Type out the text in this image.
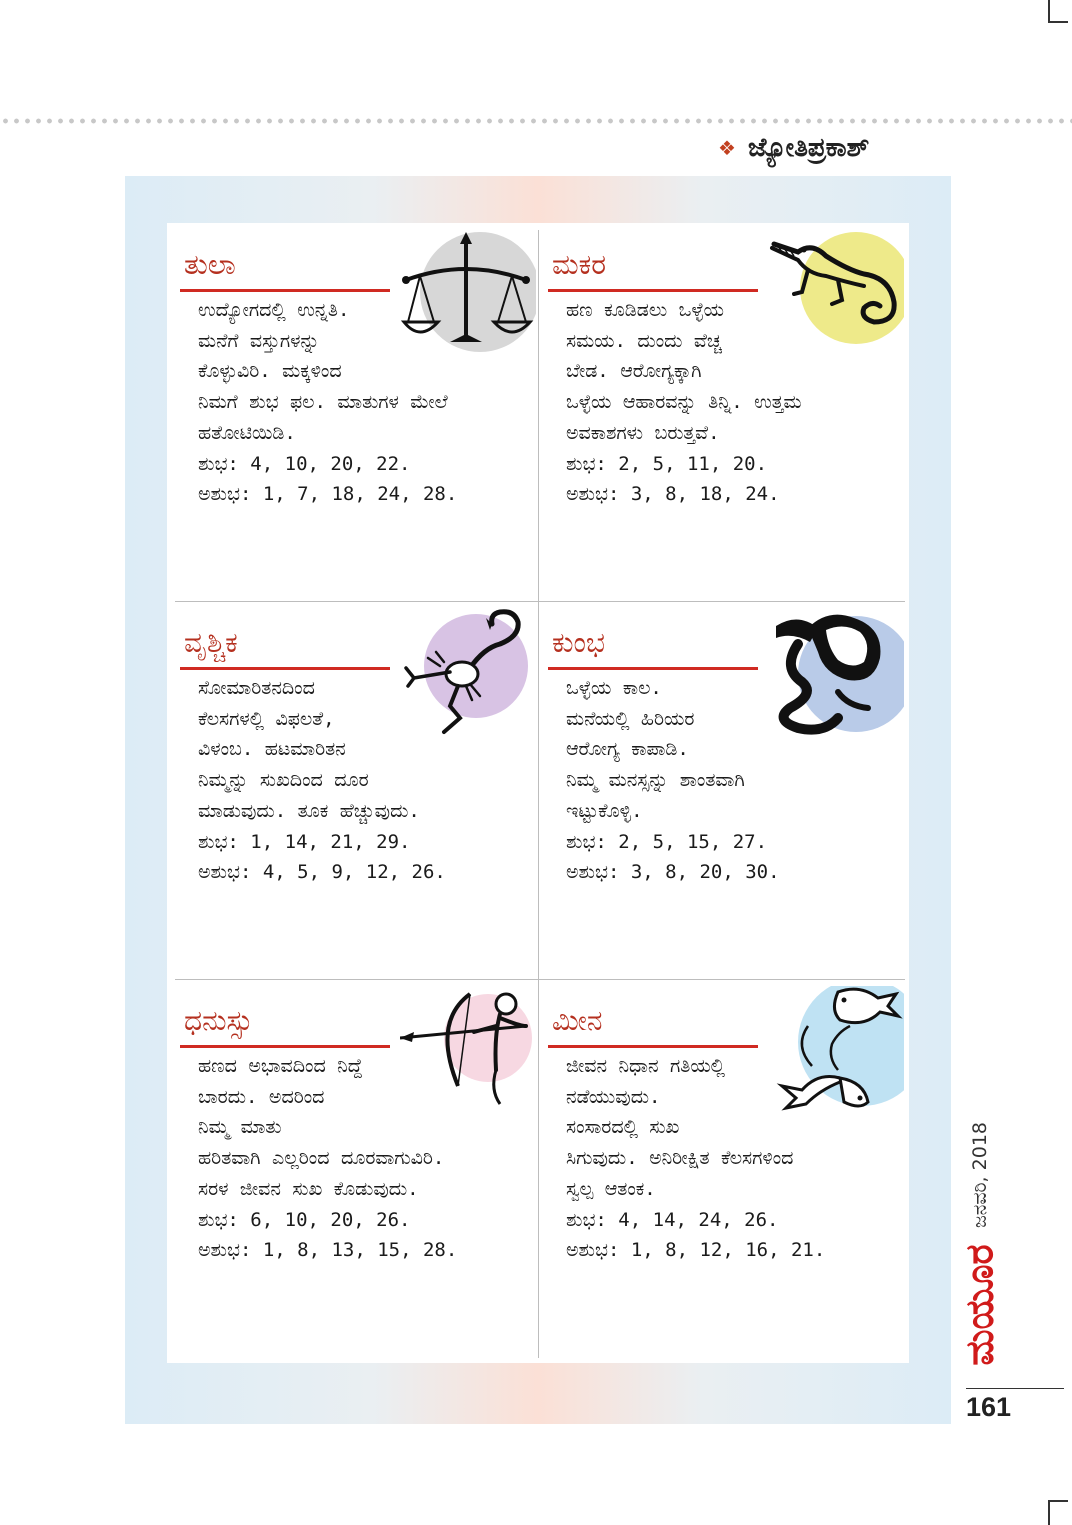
❖ ಜ್ಯೋತಿಪ್ರಕಾಶ್
ತುಲಾ
ಉದ್ಯೋಗದಲ್ಲಿ ಉನ್ನತಿ.
ಮನೆಗೆ ವಸ್ತುಗಳನ್ನು
ಕೊಳ್ಳುವಿರಿ. ಮಕ್ಕಳಿಂದ
ನಿಮಗೆ ಶುಭ ಫಲ. ಮಾತುಗಳ ಮೇಲೆ
ಹತೋಟಿಯಿಡಿ.
ಶುಭ: 4, 10, 20, 22.
ಅಶುಭ: 1, 7, 18, 24, 28.
ಮಕರ
ಹಣ ಕೂಡಿಡಲು ಒಳ್ಳೆಯ
ಸಮಯ. ದುಂದು ವೆಚ್ಚ
ಬೇಡ. ಆರೋಗ್ಯಕ್ಕಾಗಿ
ಒಳ್ಳೆಯ ಆಹಾರವನ್ನು ತಿನ್ನಿ. ಉತ್ತಮ
ಅವಕಾಶಗಳು ಬರುತ್ತವೆ.
ಶುಭ: 2, 5, 11, 20.
ಅಶುಭ: 3, 8, 18, 24.
ವೃಶ್ಚಿಕ
ಸೋಮಾರಿತನದಿಂದ
ಕೆಲಸಗಳಲ್ಲಿ ವಿಫಲತೆ,
ವಿಳಂಬ. ಹಟಮಾರಿತನ
ನಿಮ್ಮನ್ನು ಸುಖದಿಂದ ದೂರ
ಮಾಡುವುದು. ತೂಕ ಹೆಚ್ಚುವುದು.
ಶುಭ: 1, 14, 21, 29.
ಅಶುಭ: 4, 5, 9, 12, 26.
ಕುಂಭ
ಒಳ್ಳೆಯ ಕಾಲ.
ಮನೆಯಲ್ಲಿ ಹಿರಿಯರ
ಆರೋಗ್ಯ ಕಾಪಾಡಿ.
ನಿಮ್ಮ ಮನಸ್ಸನ್ನು ಶಾಂತವಾಗಿ
ಇಟ್ಟುಕೊಳ್ಳಿ.
ಶುಭ: 2, 5, 15, 27.
ಅಶುಭ: 3, 8, 20, 30.
ಧನುಸ್ಸು
ಹಣದ ಅಭಾವದಿಂದ ನಿದ್ದೆ
ಬಾರದು. ಅದರಿಂದ
ನಿಮ್ಮ ಮಾತು
ಹರಿತವಾಗಿ ಎಲ್ಲರಿಂದ ದೂರವಾಗುವಿರಿ.
ಸರಳ ಜೀವನ ಸುಖ ಕೊಡುವುದು.
ಶುಭ: 6, 10, 20, 26.
ಅಶುಭ: 1, 8, 13, 15, 28.
ಮೀನ
ಜೀವನ ನಿಧಾನ ಗತಿಯಲ್ಲಿ
ನಡೆಯುವುದು.
ಸಂಸಾರದಲ್ಲಿ ಸುಖ
ಸಿಗುವುದು. ಅನಿರೀಕ್ಷಿತ ಕೆಲಸಗಳಿಂದ
ಸ್ವಲ್ಪ ಆತಂಕ.
ಶುಭ: 4, 14, 24, 26.
ಅಶುಭ: 1, 8, 12, 16, 21.
ಜನವರಿ, 2018
ಮಯೂರ
161
